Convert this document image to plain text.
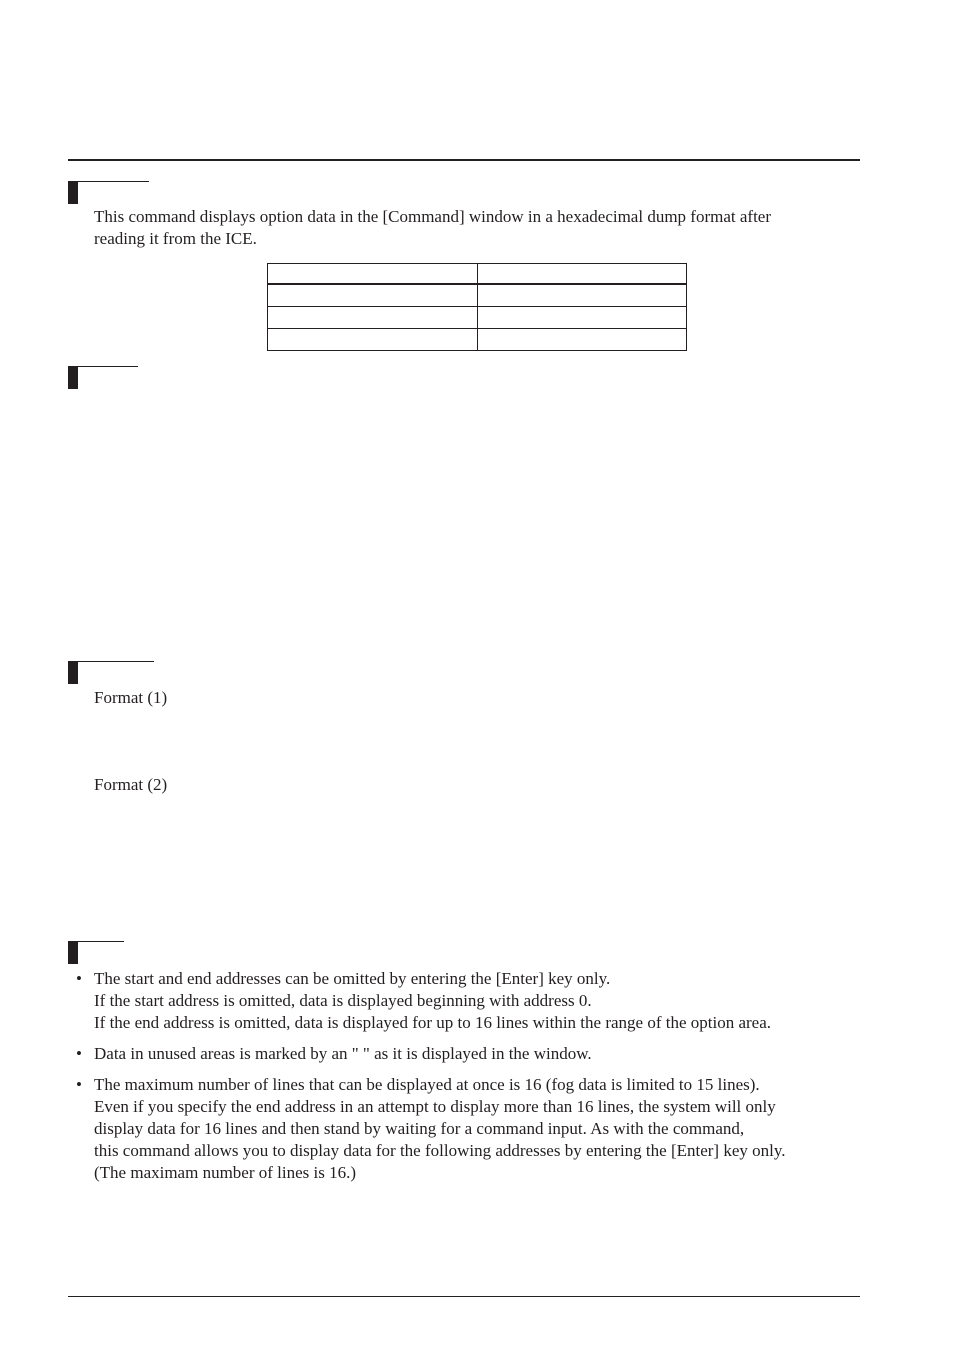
This command displays option data in the [Command] window in a hexadecimal dump format after
reading it from the ICE.

Format (1)
Format (2)
• The start and end addresses can be omitted by entering the [Enter] key only.
If the start address is omitted, data is displayed beginning with address 0.
If the end address is omitted, data is displayed for up to 16 lines within the range of the option area.
• Data in unused areas is marked by an " " as it is displayed in the window.
• The maximum number of lines that can be displayed at once is 16 (fog data is limited to 15 lines).
Even if you specify the end address in an attempt to display more than 16 lines, the system will only
display data for 16 lines and then stand by waiting for a command input. As with the command,
this command allows you to display data for the following addresses by entering the [Enter] key only.
(The maximam number of lines is 16.)
